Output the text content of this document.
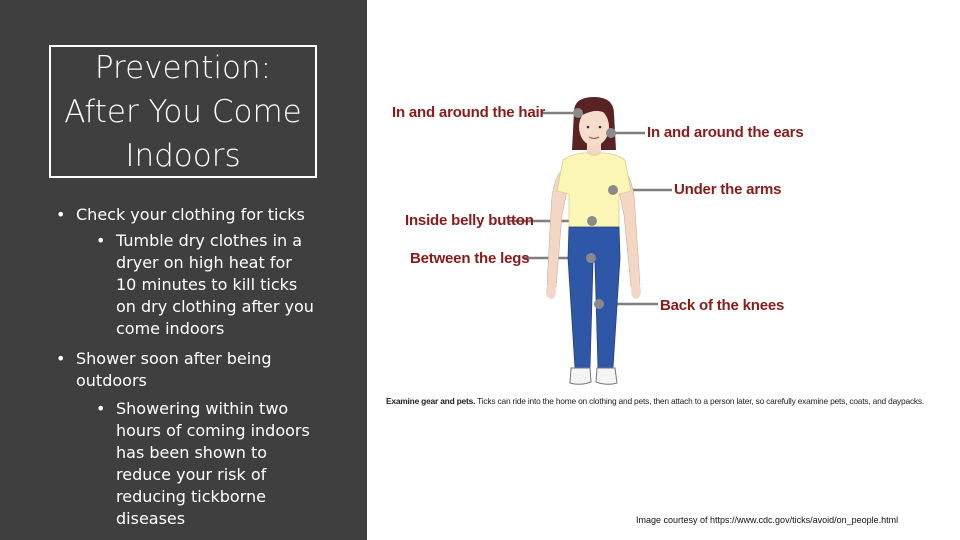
Prevention:
After You Come
Indoors
• Check your clothing for ticks
• Tumble dry clothes in a dryer on high heat for 10 minutes to kill ticks on dry clothing after you come indoors
• Shower soon after being outdoors
• Showering within two hours of coming indoors has been shown to reduce your risk of reducing tickborne diseases
In and around the hair
In and around the ears
Under the arms
Inside belly button
Between the legs
Back of the knees
Examine gear and pets. Ticks can ride into the home on clothing and pets, then attach to a person later, so carefully examine pets, coats, and daypacks.
Image courtesy of https://www.cdc.gov/ticks/avoid/on_people.html
